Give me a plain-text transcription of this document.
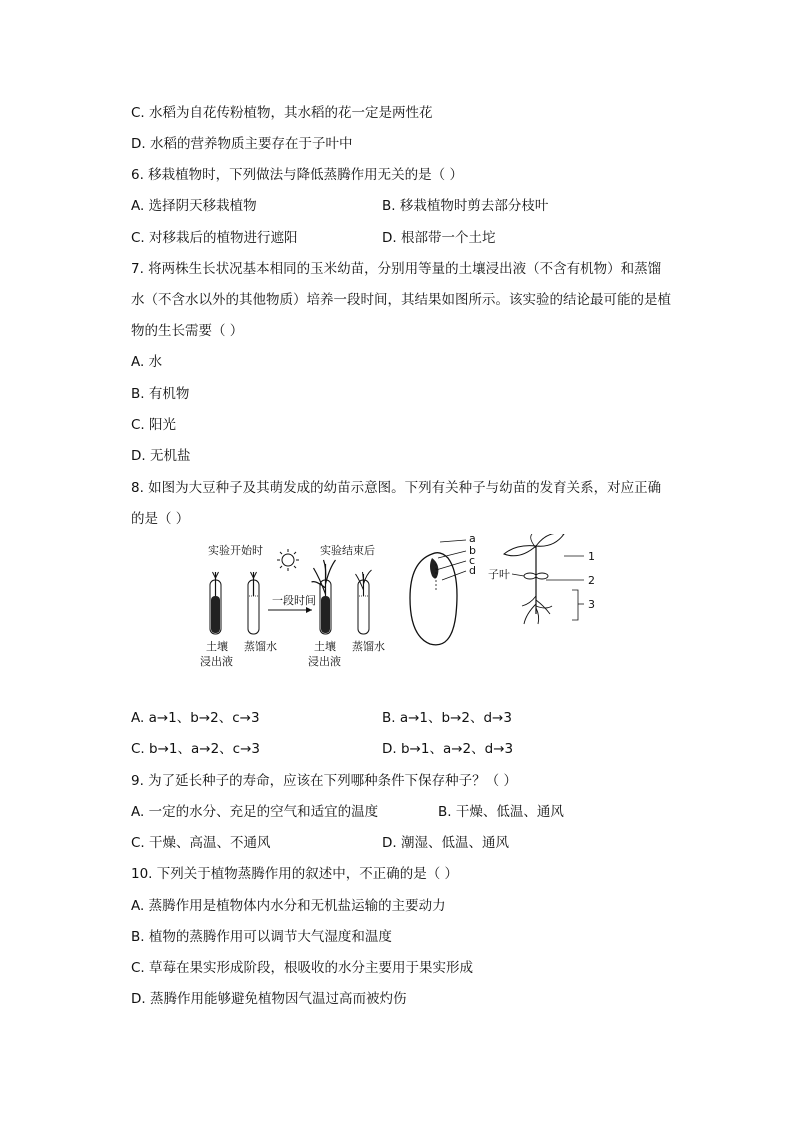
C. 水稻为自花传粉植物，其水稻的花一定是两性花
D. 水稻的营养物质主要存在于子叶中
6. 移栽植物时，下列做法与降低蒸腾作用无关的是（ ）
A. 选择阴天移栽植物	B. 移栽植物时剪去部分枝叶
C. 对移栽后的植物进行遮阳	D. 根部带一个土坨
7. 将两株生长状况基本相同的玉米幼苗，分别用等量的土壤浸出液（不含有机物）和蒸馏
水（不含水以外的其他物质）培养一段时间，其结果如图所示。该实验的结论最可能的是植
物的生长需要（ ）
A. 水
B. 有机物
C. 阳光
D. 无机盐
8. 如图为大豆种子及其萌发成的幼苗示意图。下列有关种子与幼苗的发育关系，对应正确
的是（ ）
实验开始时
土壤
浸出液
蒸馏水
一段时间
实验结束后
土壤
浸出液
蒸馏水
a
b
c
d
1
2
3
子叶
A. a→1、b→2、c→3	B. a→1、b→2、d→3
C. b→1、a→2、c→3	D. b→1、a→2、d→3
9. 为了延长种子的寿命，应该在下列哪种条件下保存种子？（ ）
A. 一定的水分、充足的空气和适宜的温度	B. 干燥、低温、通风
C. 干燥、高温、不通风	D. 潮湿、低温、通风
10. 下列关于植物蒸腾作用的叙述中，不正确的是（ ）
A. 蒸腾作用是植物体内水分和无机盐运输的主要动力
B. 植物的蒸腾作用可以调节大气湿度和温度
C. 草莓在果实形成阶段，根吸收的水分主要用于果实形成
D. 蒸腾作用能够避免植物因气温过高而被灼伤
